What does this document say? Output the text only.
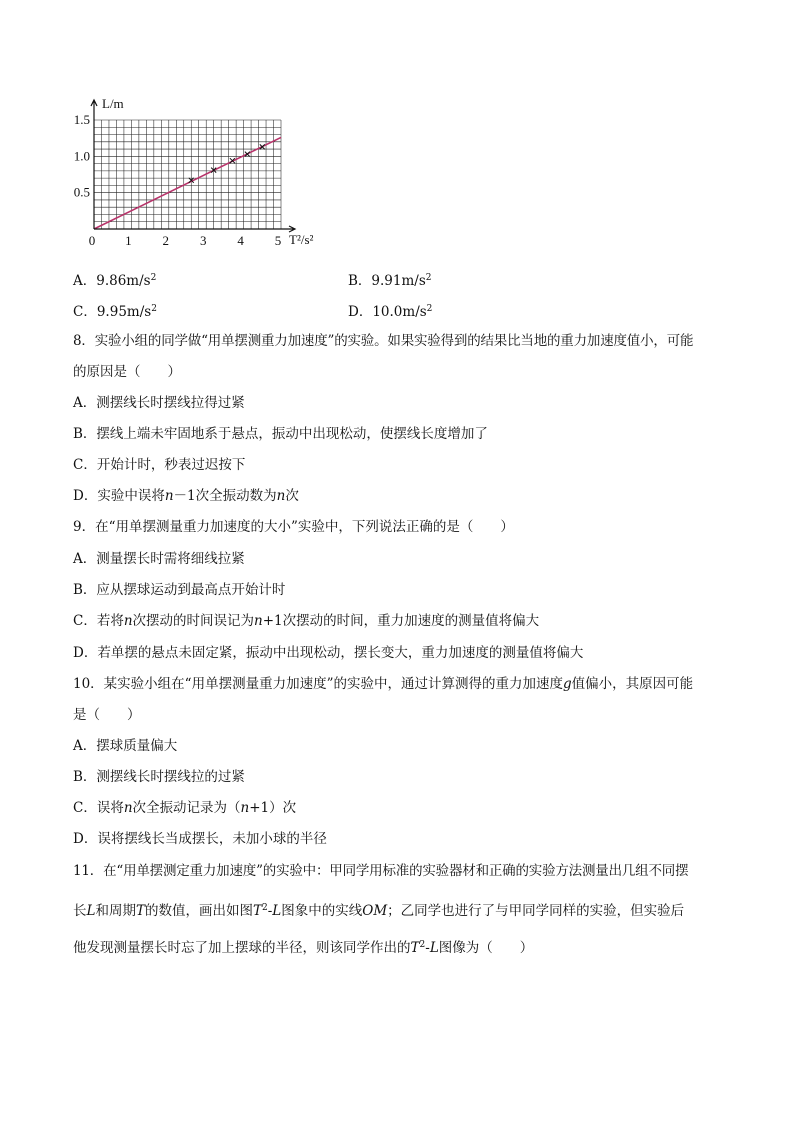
0 1 2 3 4 5
0.5
1.0
1.5
L/m
T²/s²
A．$9.86m/s^2$	B．$9.91m/s^2$
C．$9.95m/s^2$	D．$10.0m/s^2$
8．实验小组的同学做“用单摆测重力加速度”的实验。如果实验得到的结果比当地的重力加速度值小，可能
的原因是（　　）
A．测摆线长时摆线拉得过紧
B．摆线上端未牢固地系于悬点，振动中出现松动，使摆线长度增加了
C．开始计时，秒表过迟按下
D．实验中误将n－1次全振动数为n次
9．在“用单摆测量重力加速度的大小”实验中，下列说法正确的是（　　）
A．测量摆长时需将细线拉紧
B．应从摆球运动到最高点开始计时
C．若将n次摆动的时间误记为n+1次摆动的时间，重力加速度的测量值将偏大
D．若单摆的悬点未固定紧，振动中出现松动，摆长变大，重力加速度的测量值将偏大
10．某实验小组在“用单摆测量重力加速度”的实验中，通过计算测得的重力加速度g值偏小，其原因可能
是（　　）
A．摆球质量偏大
B．测摆线长时摆线拉的过紧
C．误将n次全振动记录为（n+1）次
D．误将摆线长当成摆长，未加小球的半径
11．在“用单摆测定重力加速度”的实验中：甲同学用标准的实验器材和正确的实验方法测量出几组不同摆
长L和周期T的数值，画出如图$T^2-L$图象中的实线OM；乙同学也进行了与甲同学同样的实验，但实验后
他发现测量摆长时忘了加上摆球的半径，则该同学作出的$T^2-L$图像为（　　）
